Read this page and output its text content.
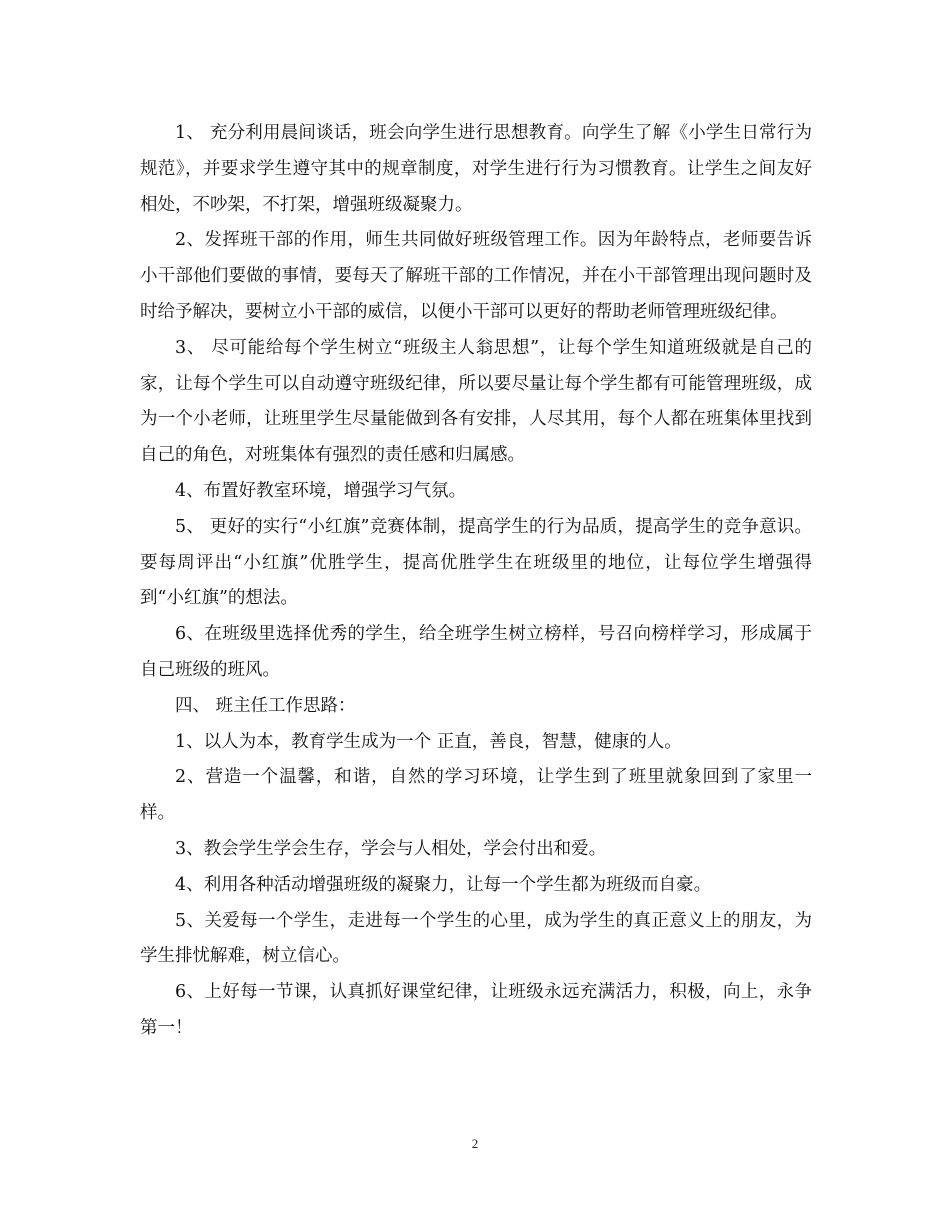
1、 充分利用晨间谈话，班会向学生进行思想教育。向学生了解《小学生日常行为规范》，并要求学生遵守其中的规章制度，对学生进行行为习惯教育。让学生之间友好相处，不吵架，不打架，增强班级凝聚力。

2、发挥班干部的作用，师生共同做好班级管理工作。因为年龄特点，老师要告诉小干部他们要做的事情，要每天了解班干部的工作情况，并在小干部管理出现问题时及时给予解决，要树立小干部的威信，以便小干部可以更好的帮助老师管理班级纪律。

3、 尽可能给每个学生树立“班级主人翁思想”，让每个学生知道班级就是自己的家，让每个学生可以自动遵守班级纪律，所以要尽量让每个学生都有可能管理班级，成为一个小老师，让班里学生尽量能做到各有安排，人尽其用，每个人都在班集体里找到自己的角色，对班集体有强烈的责任感和归属感。

4、布置好教室环境，增强学习气氛。

5、 更好的实行“小红旗”竞赛体制，提高学生的行为品质，提高学生的竞争意识。要每周评出“小红旗”优胜学生，提高优胜学生在班级里的地位，让每位学生增强得到“小红旗”的想法。

6、在班级里选择优秀的学生，给全班学生树立榜样，号召向榜样学习，形成属于自己班级的班风。

四、 班主任工作思路：

1、以人为本，教育学生成为一个 正直，善良，智慧，健康的人。

2、营造一个温馨，和谐，自然的学习环境，让学生到了班里就象回到了家里一样。

3、教会学生学会生存，学会与人相处，学会付出和爱。

4、利用各种活动增强班级的凝聚力，让每一个学生都为班级而自豪。

5、关爱每一个学生，走进每一个学生的心里，成为学生的真正意义上的朋友，为学生排忧解难，树立信心。

6、上好每一节课，认真抓好课堂纪律，让班级永远充满活力，积极，向上，永争第一！

2
